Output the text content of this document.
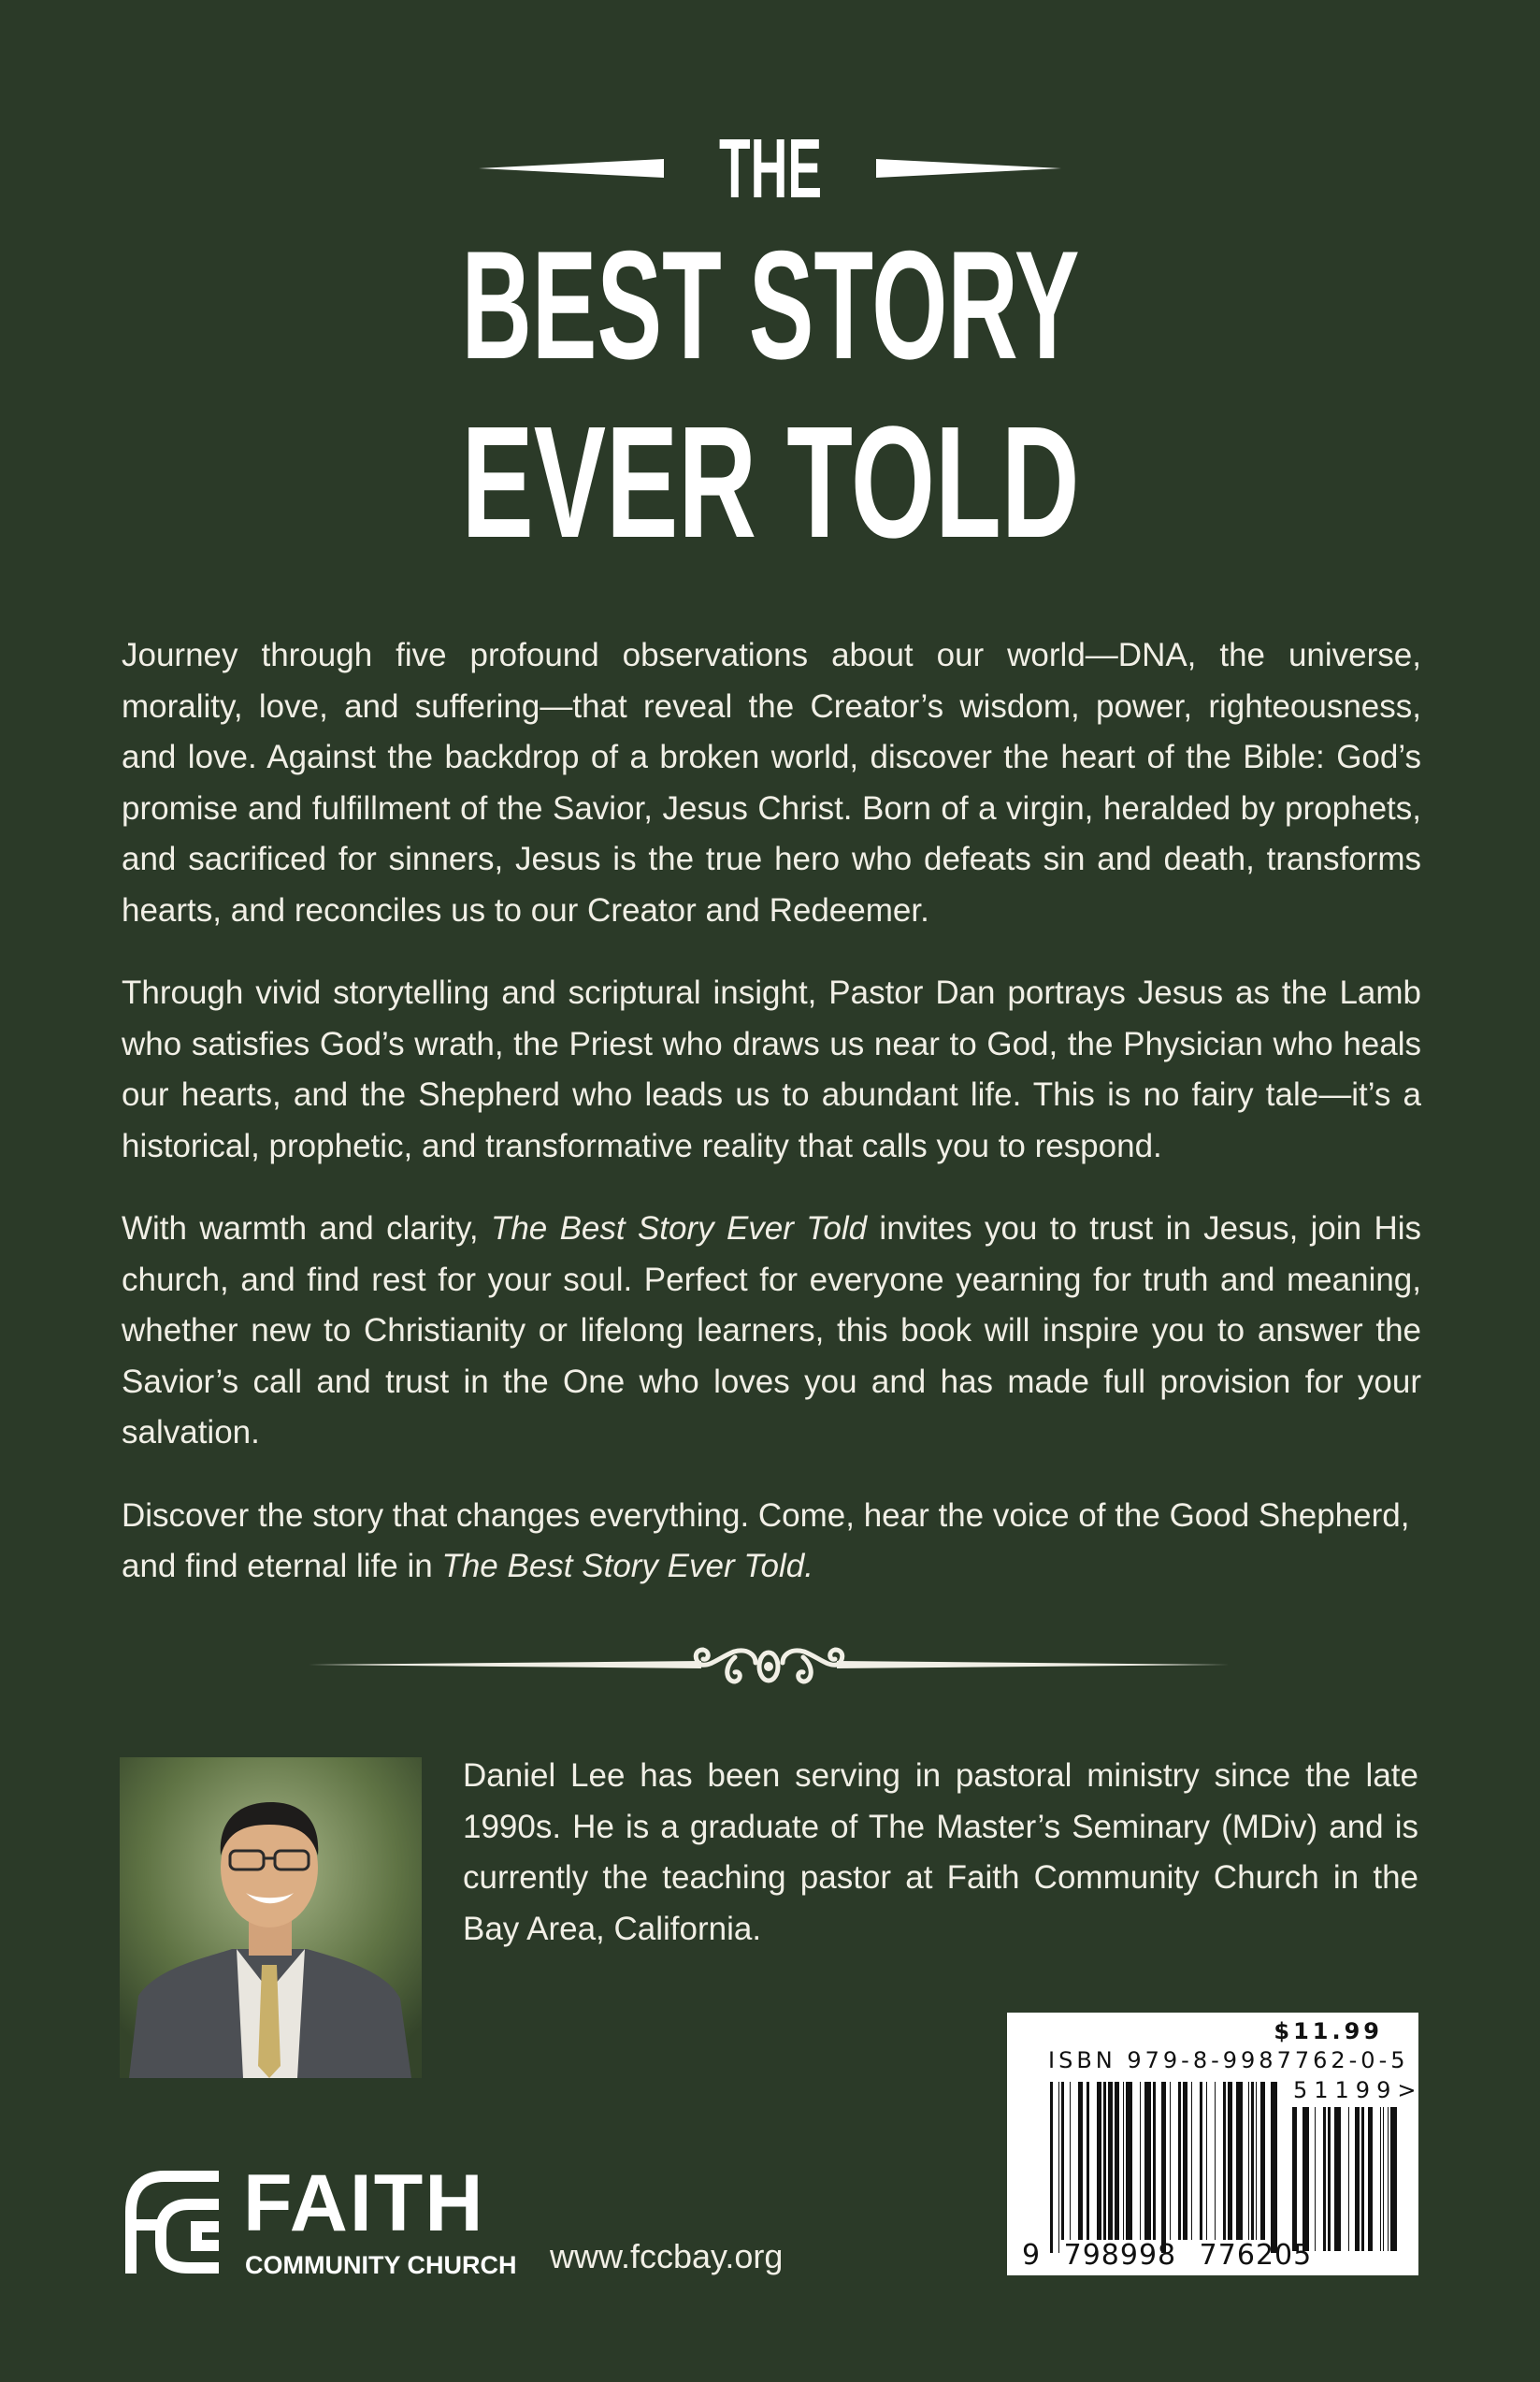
THE
BEST STORY
EVER TOLD

Journey through five profound observations about our world—DNA, the universe, morality, love, and suffering—that reveal the Creator’s wisdom, power, righteousness, and love. Against the backdrop of a broken world, discover the heart of the Bible: God’s promise and fulfillment of the Savior, Jesus Christ. Born of a virgin, heralded by prophets, and sacrificed for sinners, Jesus is the true hero who defeats sin and death, transforms hearts, and reconciles us to our Creator and Redeemer.

Through vivid storytelling and scriptural insight, Pastor Dan portrays Jesus as the Lamb who satisfies God’s wrath, the Priest who draws us near to God, the Physician who heals our hearts, and the Shepherd who leads us to abundant life. This is no fairy tale—it’s a historical, prophetic, and transformative reality that calls you to respond.

With warmth and clarity, The Best Story Ever Told invites you to trust in Jesus, join His church, and find rest for your soul. Perfect for everyone yearning for truth and meaning, whether new to Christianity or lifelong learners, this book will inspire you to answer the Savior’s call and trust in the One who loves you and has made full provision for your salvation.

Discover the story that changes everything. Come, hear the voice of the Good Shepherd, and find eternal life in The Best Story Ever Told.

Daniel Lee has been serving in pastoral ministry since the late 1990s. He is a graduate of The Master’s Seminary (MDiv) and is currently the teaching pastor at Faith Community Church in the Bay Area, California.
$11.99
ISBN 979-8-9987762-0-5
51199>
9 798998 776205
FAITH
COMMUNITY CHURCH www.fccbay.org
